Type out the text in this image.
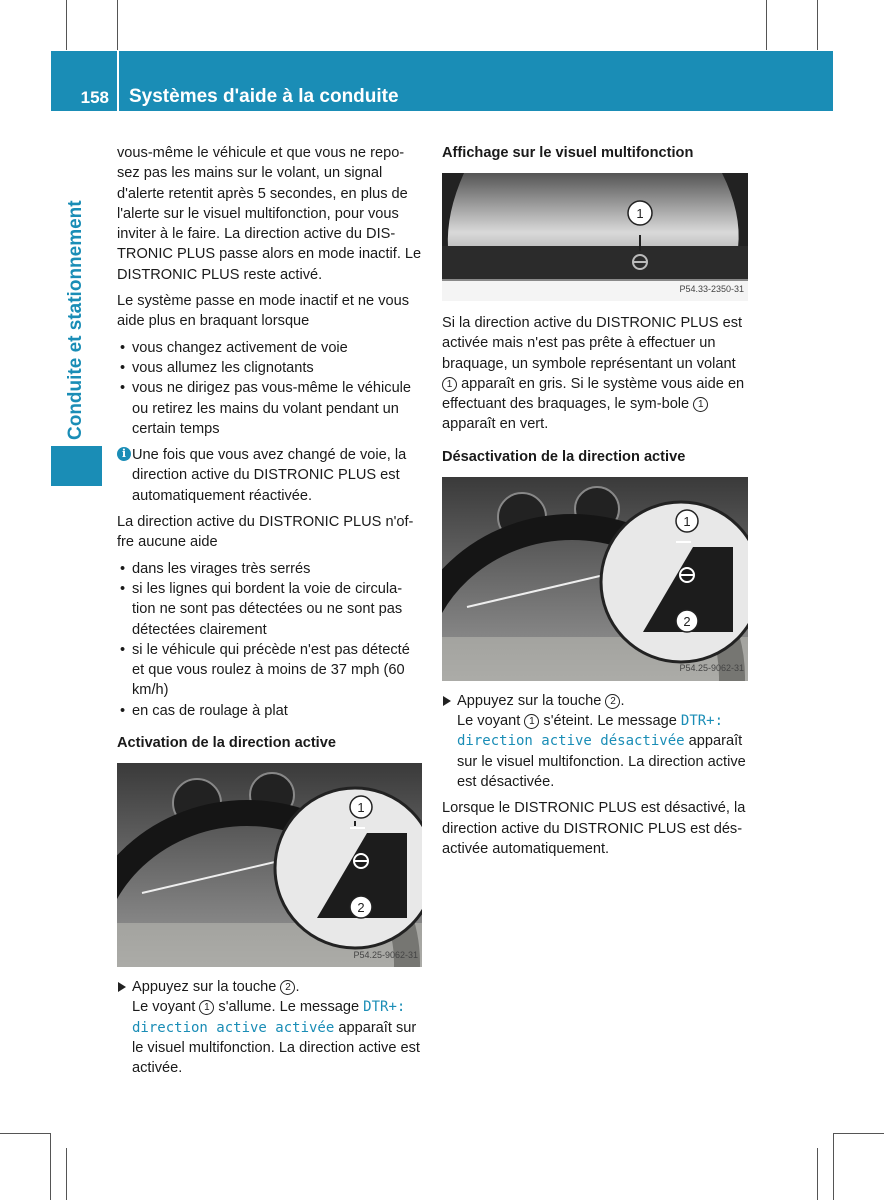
158	Systèmes d'aide à la conduite
Conduite et stationnement

vous-même le véhicule et que vous ne repo-sez pas les mains sur le volant, un signal d'alerte retentit après 5 secondes, en plus de l'alerte sur le visuel multifonction, pour vous inviter à le faire. La direction active du DIS-TRONIC PLUS passe alors en mode inactif. Le DISTRONIC PLUS reste activé.

Le système passe en mode inactif et ne vous aide plus en braquant lorsque

• vous changez activement de voie
• vous allumez les clignotants
• vous ne dirigez pas vous-même le véhicule ou retirez les mains du volant pendant un certain temps
i Une fois que vous avez changé de voie, la direction active du DISTRONIC PLUS est automatiquement réactivée.

La direction active du DISTRONIC PLUS n'of-fre aucune aide

• dans les virages très serrés
• si les lignes qui bordent la voie de circula-tion ne sont pas détectées ou ne sont pas détectées clairement
• si le véhicule qui précède n'est pas détecté et que vous roulez à moins de 37 mph (60 km/h)
• en cas de roulage à plat
Activation de la direction active
1
2
P54.25-9062-31
Appuyez sur la touche 2 .
Le voyant 1 s'allume. Le message DTR+: direction active activée apparaît sur le visuel multifonction. La direction active est activée.
Affichage sur le visuel multifonction
1
P54.33-2350-31

Si la direction active du DISTRONIC PLUS est activée mais n'est pas prête à effectuer un braquage, un symbole représentant un volant 1 apparaît en gris. Si le système vous aide en effectuant des braquages, le sym-bole 1 apparaît en vert.

Désactivation de la direction active
1
2
P54.25-9062-31
Appuyez sur la touche 2 .
Le voyant 1 s'éteint. Le message DTR+: direction active désactivée apparaît sur le visuel multifonction. La direction active est désactivée.

Lorsque le DISTRONIC PLUS est désactivé, la direction active du DISTRONIC PLUS est dés-activée automatiquement.
